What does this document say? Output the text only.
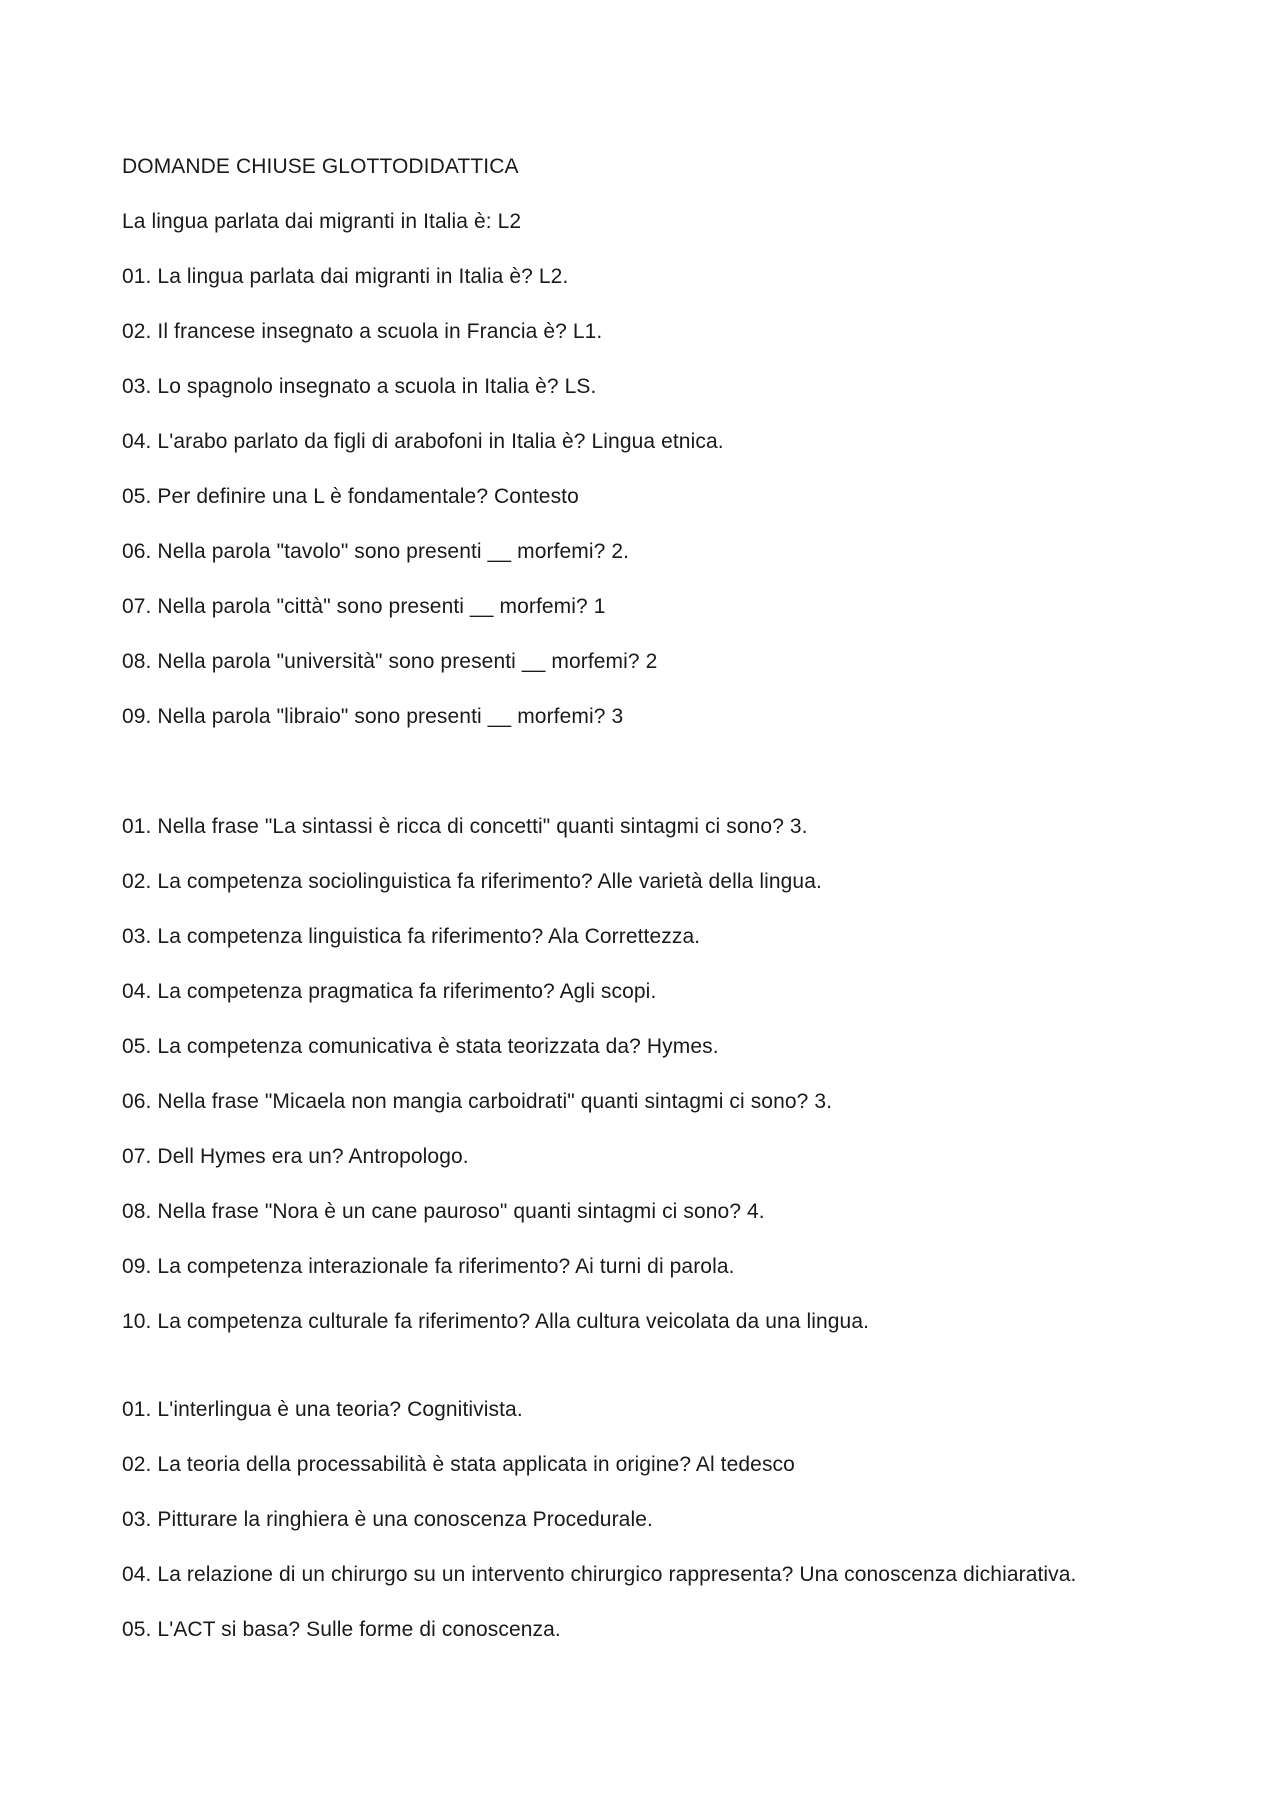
DOMANDE CHIUSE GLOTTODIDATTICA
La lingua parlata dai migranti in Italia è: L2
01. La lingua parlata dai migranti in Italia è? L2.
02. Il francese insegnato a scuola in Francia è? L1.
03. Lo spagnolo insegnato a scuola in Italia è? LS.
04. L'arabo parlato da figli di arabofoni in Italia è? Lingua etnica.
05. Per definire una L è fondamentale? Contesto
06. Nella parola "tavolo" sono presenti __ morfemi? 2.
07. Nella parola "città" sono presenti __ morfemi? 1
08. Nella parola "università" sono presenti __ morfemi? 2
09. Nella parola "libraio" sono presenti __ morfemi? 3
01. Nella frase "La sintassi è ricca di concetti" quanti sintagmi ci sono? 3.
02. La competenza sociolinguistica fa riferimento? Alle varietà della lingua.
03. La competenza linguistica fa riferimento? Ala Correttezza.
04. La competenza pragmatica fa riferimento? Agli scopi.
05. La competenza comunicativa è stata teorizzata da? Hymes.
06. Nella frase "Micaela non mangia carboidrati" quanti sintagmi ci sono? 3.
07. Dell Hymes era un? Antropologo.
08. Nella frase "Nora è un cane pauroso" quanti sintagmi ci sono? 4.
09. La competenza interazionale fa riferimento? Ai turni di parola.
10. La competenza culturale fa riferimento? Alla cultura veicolata da una lingua.
01. L'interlingua è una teoria? Cognitivista.
02. La teoria della processabilità è stata applicata in origine? Al tedesco
03. Pitturare la ringhiera è una conoscenza Procedurale.
04. La relazione di un chirurgo su un intervento chirurgico rappresenta? Una conoscenza dichiarativa.
05. L'ACT si basa? Sulle forme di conoscenza.
